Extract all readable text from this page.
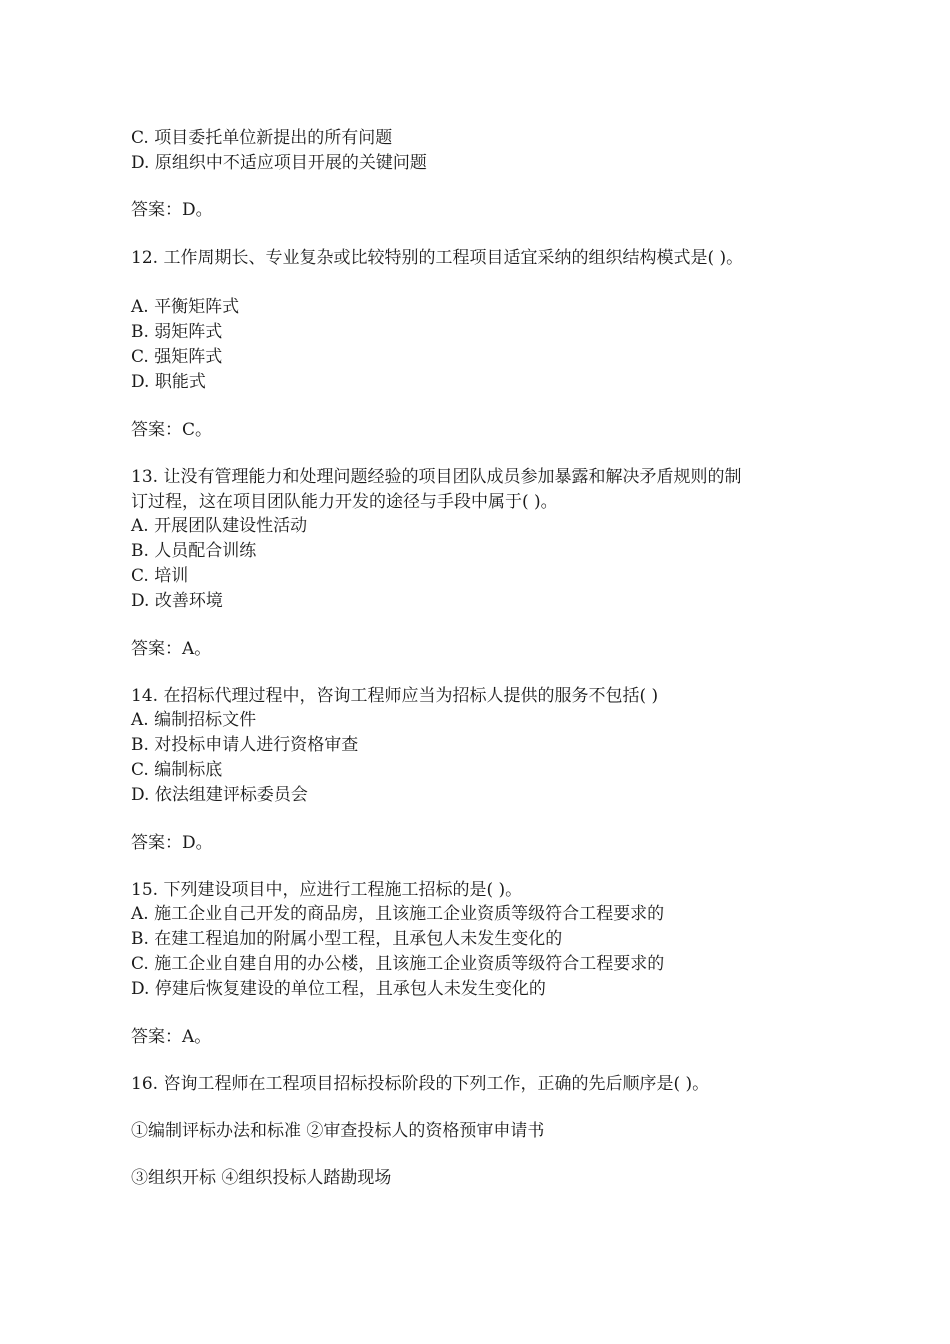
C. 项目委托单位新提出的所有问题
D. 原组织中不适应项目开展的关键问题
答案：D。
12. 工作周期长、专业复杂或比较特别的工程项目适宜采纳的组织结构模式是( )。
A. 平衡矩阵式
B. 弱矩阵式
C. 强矩阵式
D. 职能式
答案：C。
13. 让没有管理能力和处理问题经验的项目团队成员参加暴露和解决矛盾规则的制
订过程，这在项目团队能力开发的途径与手段中属于( )。
A. 开展团队建设性活动
B. 人员配合训练
C. 培训
D. 改善环境
答案：A。
14. 在招标代理过程中，咨询工程师应当为招标人提供的服务不包括( )
A. 编制招标文件
B. 对投标申请人进行资格审查
C. 编制标底
D. 依法组建评标委员会
答案：D。
15. 下列建设项目中，应进行工程施工招标的是( )。
A. 施工企业自己开发的商品房，且该施工企业资质等级符合工程要求的
B. 在建工程追加的附属小型工程，且承包人未发生变化的
C. 施工企业自建自用的办公楼，且该施工企业资质等级符合工程要求的
D. 停建后恢复建设的单位工程，且承包人未发生变化的
答案：A。
16. 咨询工程师在工程项目招标投标阶段的下列工作，正确的先后顺序是( )。
①编制评标办法和标准 ②审查投标人的资格预审申请书
③组织开标 ④组织投标人踏勘现场
